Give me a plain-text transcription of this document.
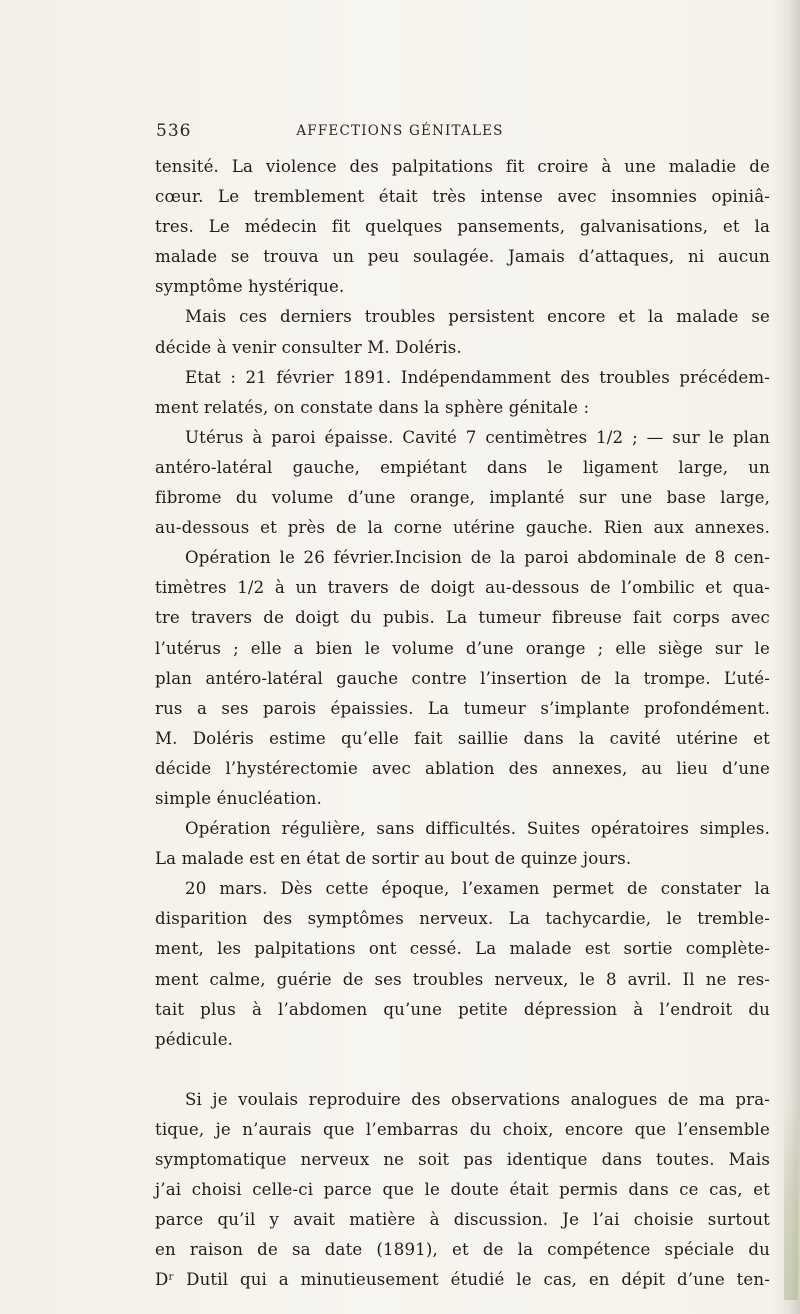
536	AFFECTIONS GÉNITALES
tensité. La violence des palpitations fit croire à une maladie de
cœur. Le tremblement était très intense avec insomnies opiniâ-
tres. Le médecin fit quelques pansements, galvanisations, et la
malade se trouva un peu soulagée. Jamais d’attaques, ni aucun
symptôme hystérique.
Mais ces derniers troubles persistent encore et la malade se
décide à venir consulter M. Doléris.
Etat : 21 février 1891. Indépendamment des troubles précédem-
ment relatés, on constate dans la sphère génitale :
Utérus à paroi épaisse. Cavité 7 centimètres 1/2 ; — sur le plan
antéro-latéral gauche, empiétant dans le ligament large, un
fibrome du volume d’une orange, implanté sur une base large,
au-dessous et près de la corne utérine gauche. Rien aux annexes.
Opération le 26 février.Incision de la paroi abdominale de 8 cen-
timètres 1/2 à un travers de doigt au-dessous de l’ombilic et qua-
tre travers de doigt du pubis. La tumeur fibreuse fait corps avec
l’utérus ; elle a bien le volume d’une orange ; elle siège sur le
plan antéro-latéral gauche contre l’insertion de la trompe. L’uté-
rus a ses parois épaissies. La tumeur s’implante profondément.
M. Doléris estime qu’elle fait saillie dans la cavité utérine et
décide l’hystérectomie avec ablation des annexes, au lieu d’une
simple énucléation.
Opération régulière, sans difficultés. Suites opératoires simples.
La malade est en état de sortir au bout de quinze jours.
20 mars. Dès cette époque, l’examen permet de constater la
disparition des symptômes nerveux. La tachycardie, le tremble-
ment, les palpitations ont cessé. La malade est sortie complète-
ment calme, guérie de ses troubles nerveux, le 8 avril. Il ne res-
tait plus à l’abdomen qu’une petite dépression à l’endroit du
pédicule.
Si je voulais reproduire des observations analogues de ma pra-
tique, je n’aurais que l’embarras du choix, encore que l’ensemble
symptomatique nerveux ne soit pas identique dans toutes. Mais
j’ai choisi celle-ci parce que le doute était permis dans ce cas, et
parce qu’il y avait matière à discussion. Je l’ai choisie surtout
en raison de sa date (1891), et de la compétence spéciale du
Dʳ Dutil qui a minutieusement étudié le cas, en dépit d’une ten-
